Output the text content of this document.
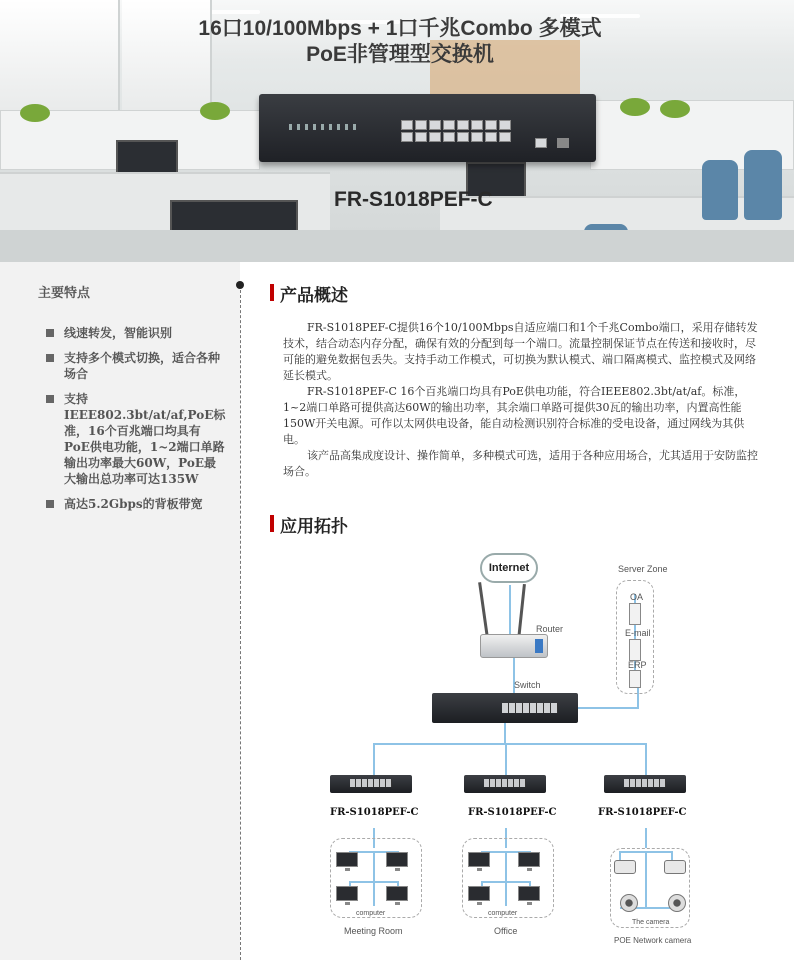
16口10/100Mbps + 1口千兆Combo 多模式
PoE非管理型交换机
FR-S1018PEF-C
主要特点
线速转发，智能识别
支持多个模式切换，适合各种场合
支持IEEE802.3bt/at/af,PoE标准，16个百兆端口均具有PoE供电功能，1~2端口单路输出功率最大60W，PoE最大输出总功率可达135W
高达5.2Gbps的背板带宽
产品概述

FR-S1018PEF-C提供16个10/100Mbps自适应端口和1个千兆Combo端口，采用存储转发技术，结合动态内存分配，确保有效的分配到每一个端口。流量控制保证节点在传送和接收时，尽可能的避免数据包丢失。支持手动工作模式，可切换为默认模式、端口隔离模式、监控模式及网络延长模式。

FR-S1018PEF-C 16个百兆端口均具有PoE供电功能，符合IEEE802.3bt/at/af。标准，1~2端口单路可提供高达60W的输出功率，其余端口单路可提供30瓦的输出功率，内置高性能150W开关电源。可作以太网供电设备，能自动检测识别符合标准的受电设备，通过网线为其供电。

该产品高集成度设计、操作简单，多种模式可选，适用于各种应用场合，尤其适用于安防监控场合。

应用拓扑
Internet
Router
Switch
Server Zone
OA
E-mail
ERP
FR-S1018PEF-C	FR-S1018PEF-C	FR-S1018PEF-C
computer
Meeting Room
computer
Office
The camera
POE Network camera
